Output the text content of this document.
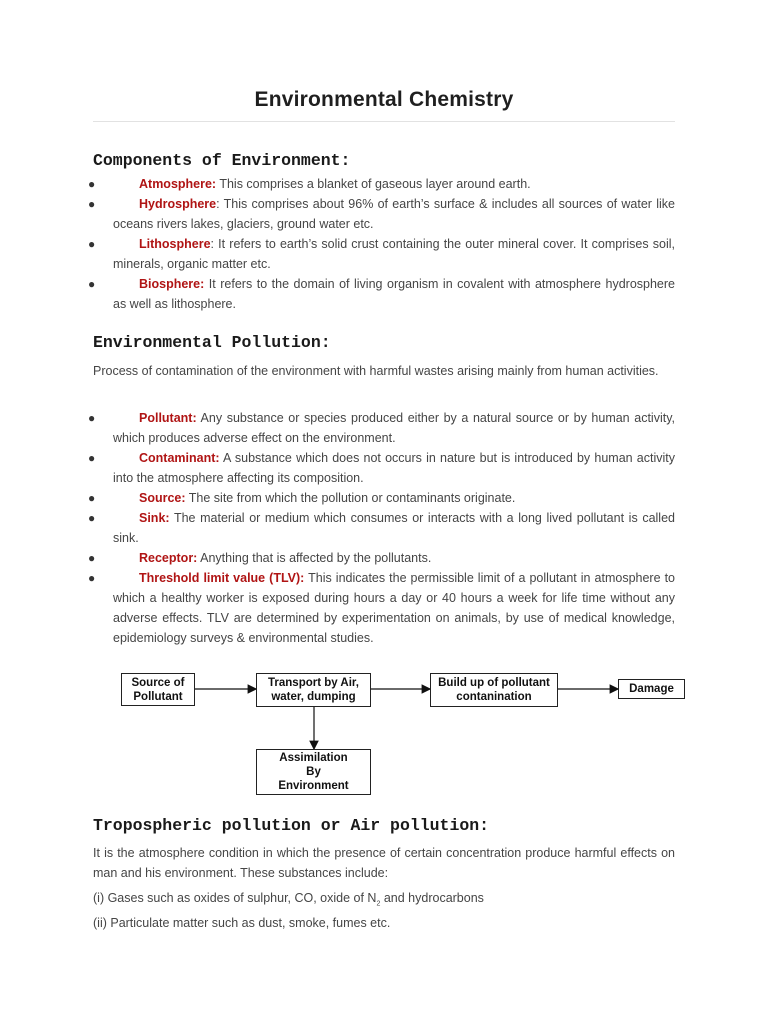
Environmental Chemistry
Components of Environment:
●	Atmosphere: This comprises a blanket of gaseous layer around earth.
●	Hydrosphere: This comprises about 96% of earth’s surface & includes all sources of water like oceans rivers lakes, glaciers, ground water etc.
●	Lithosphere: It refers to earth’s solid crust containing the outer mineral cover. It comprises soil, minerals, organic matter etc.
●	Biosphere: It refers to the domain of living organism in covalent with atmosphere hydrosphere as well as lithosphere.
Environmental Pollution:
Process of contamination of the environment with harmful wastes arising mainly from human activities.
●	Pollutant: Any substance or species produced either by a natural source or by human activity, which produces adverse effect on the environment.
●	Contaminant: A substance which does not occurs in nature but is introduced by human activity into the atmosphere affecting its composition.
●	Source: The site from which the pollution or contaminants originate.
●	Sink: The material or medium which consumes or interacts with a long lived pollutant is called sink.
●	Receptor: Anything that is affected by the pollutants.
●	Threshold limit value (TLV): This indicates the permissible limit of a pollutant in atmosphere to which a healthy worker is exposed during hours a day or 40 hours a week for life time without any adverse effects. TLV are determined by experimentation on animals, by use of medical knowledge, epidemiology surveys & environmental studies.
Source of
Pollutant
Transport by Air,
water, dumping
Build up of pollutant
contanination
Damage
Assimilation
By
Environment
Tropospheric pollution or Air pollution:
It is the atmosphere condition in which the presence of certain concentration produce harmful effects on man and his environment. These substances include:
(i) Gases such as oxides of sulphur, CO, oxide of $N_2$ and hydrocarbons
(ii) Particulate matter such as dust, smoke, fumes etc.
